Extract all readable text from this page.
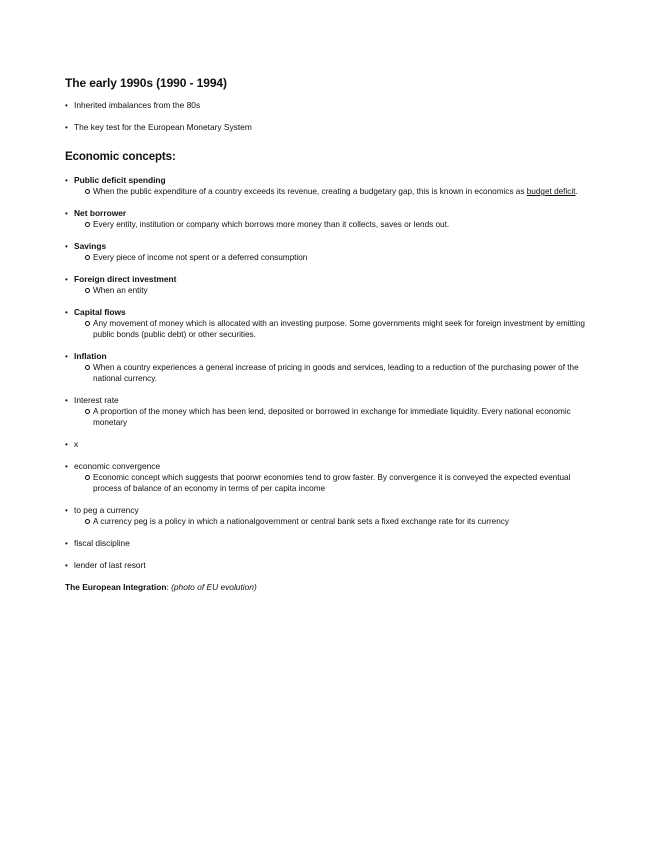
The early 1990s (1990 - 1994)
• Inherited imbalances from the 80s
• The key test for the European Monetary System
Economic concepts:
• Public deficit spending
When the public expenditure of a country exceeds its revenue, creating a budgetary gap, this is known in economics as budget deficit.
• Net borrower
Every entity, institution or company which borrows more money than it collects, saves or lends out.
• Savings
Every piece of income not spent or a deferred consumption
• Foreign direct investment
When an entity
• Capital flows
Any movement of money which is allocated with an investing purpose. Some governments might seek for foreign investment by emitting public bonds (public debt) or other securities.
• Inflation
When a country experiences a general increase of pricing in goods and services, leading to a reduction of the purchasing power of the national currency.
• Interest rate
A proportion of the money which has been lend, deposited or borrowed in exchange for immediate liquidity. Every national economic monetary
• x
• economic convergence
Economic concept which suggests that poorwr economies tend to grow faster. By convergence it is conveyed the expected eventual process of balance of an economy in terms of per capita income
• to peg a currency
A currency peg is a policy in which a nationalgovernment or central bank sets a fixed exchange rate for its currency
• fiscal discipline
• lender of last resort
The European Integration: (photo of EU evolution)
